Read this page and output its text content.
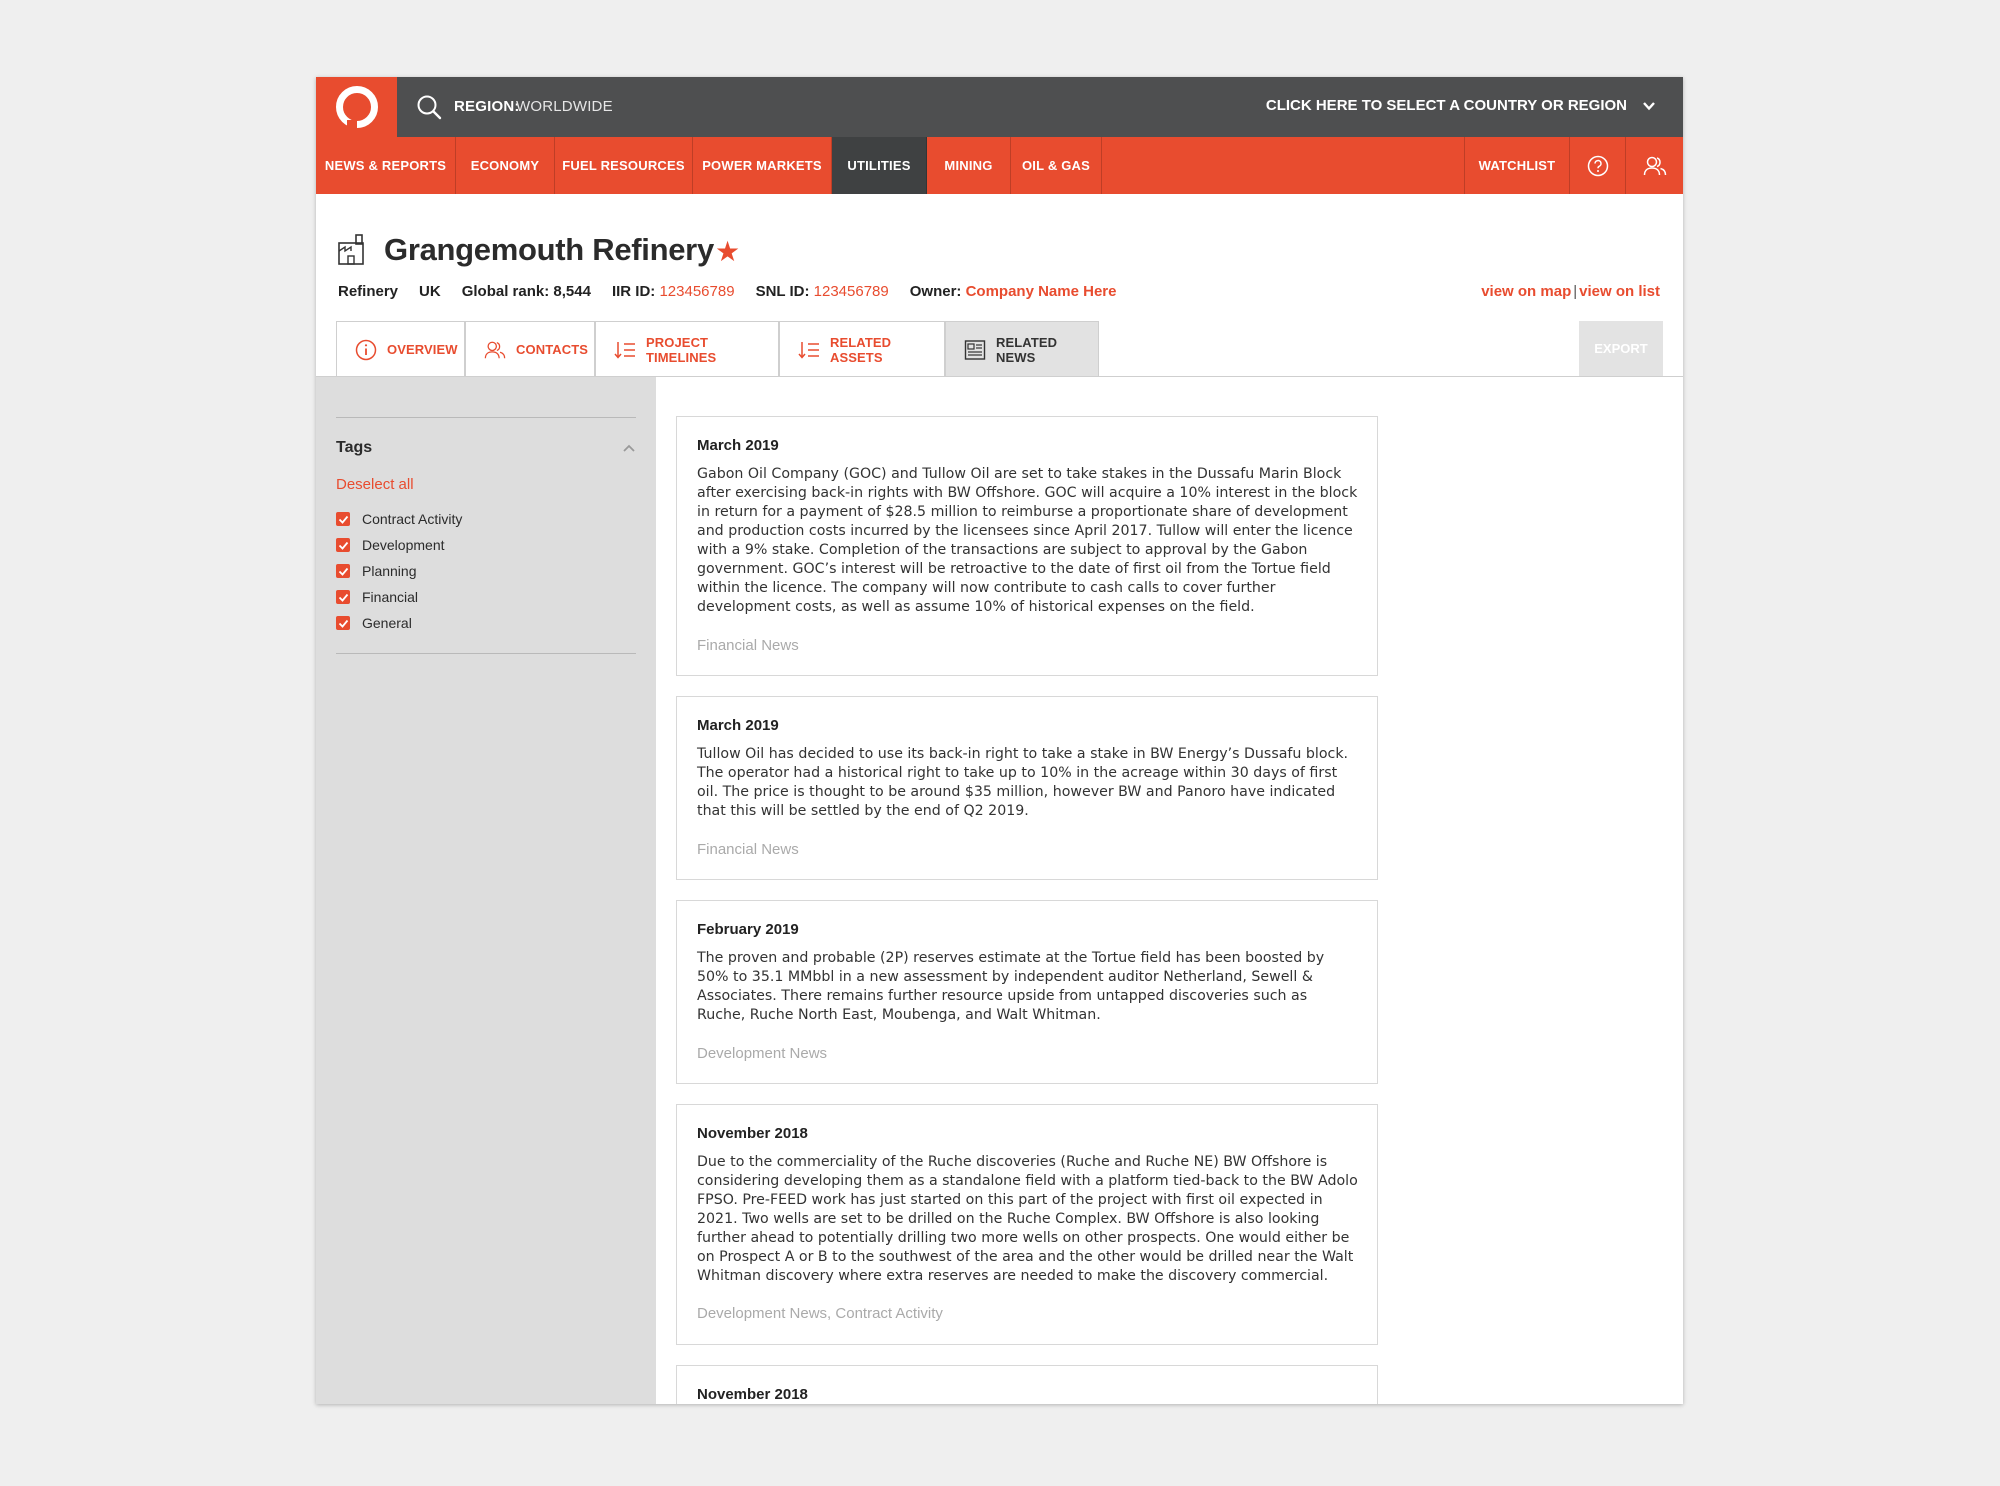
REGION:
WORLDWIDE	CLICK HERE TO SELECT A COUNTRY OR REGION
NEWS & REPORTS	ECONOMY	FUEL RESOURCES	POWER MARKETS	UTILITIES	MINING	OIL & GAS	WATCHLIST
Grangemouth Refinery ★
Refinery UK Global rank: 8,544 IIR ID: 123456789 SNL ID: 123456789 Owner: Company Name Here	view on map | view on list
OVERVIEW	CONTACTS	PROJECT TIMELINES
RELATED ASSETS
RELATED NEWS
EXPORT
Tags
Deselect all
Contract Activity
Development
Planning
Financial
General
March 2019
Gabon Oil Company (GOC) and Tullow Oil are set to take stakes in the Dussafu Marin Block after exercising back-in rights with BW Offshore. GOC will acquire a 10% interest in the block in return for a payment of $28.5 million to reimburse a proportionate share of development and production costs incurred by the licensees since April 2017. Tullow will enter the licence with a 9% stake. Completion of the transactions are subject to approval by the Gabon government. GOC’s interest will be retroactive to the date of first oil from the Tortue field within the licence. The company will now contribute to cash calls to cover further development costs, as well as assume 10% of historical expenses on the field.
Financial News
March 2019
Tullow Oil has decided to use its back-in right to take a stake in BW Energy’s Dussafu block. The operator had a historical right to take up to 10% in the acreage within 30 days of first oil. The price is thought to be around $35 million, however BW and Panoro have indicated that this will be settled by the end of Q2 2019.
Financial News
February 2019
The proven and probable (2P) reserves estimate at the Tortue field has been boosted by 50% to 35.1 MMbbl in a new assessment by independent auditor Netherland, Sewell & Associates. There remains further resource upside from untapped discoveries such as Ruche, Ruche North East, Moubenga, and Walt Whitman.
Development News
November 2018
Due to the commerciality of the Ruche discoveries (Ruche and Ruche NE) BW Offshore is considering developing them as a standalone field with a platform tied-back to the BW Adolo FPSO. Pre-FEED work has just started on this part of the project with first oil expected in 2021. Two wells are set to be drilled on the Ruche Complex. BW Offshore is also looking further ahead to potentially drilling two more wells on other prospects. One would either be on Prospect A or B to the southwest of the area and the other would be drilled near the Walt Whitman discovery where extra reserves are needed to make the discovery commercial.
Development News, Contract Activity
November 2018
